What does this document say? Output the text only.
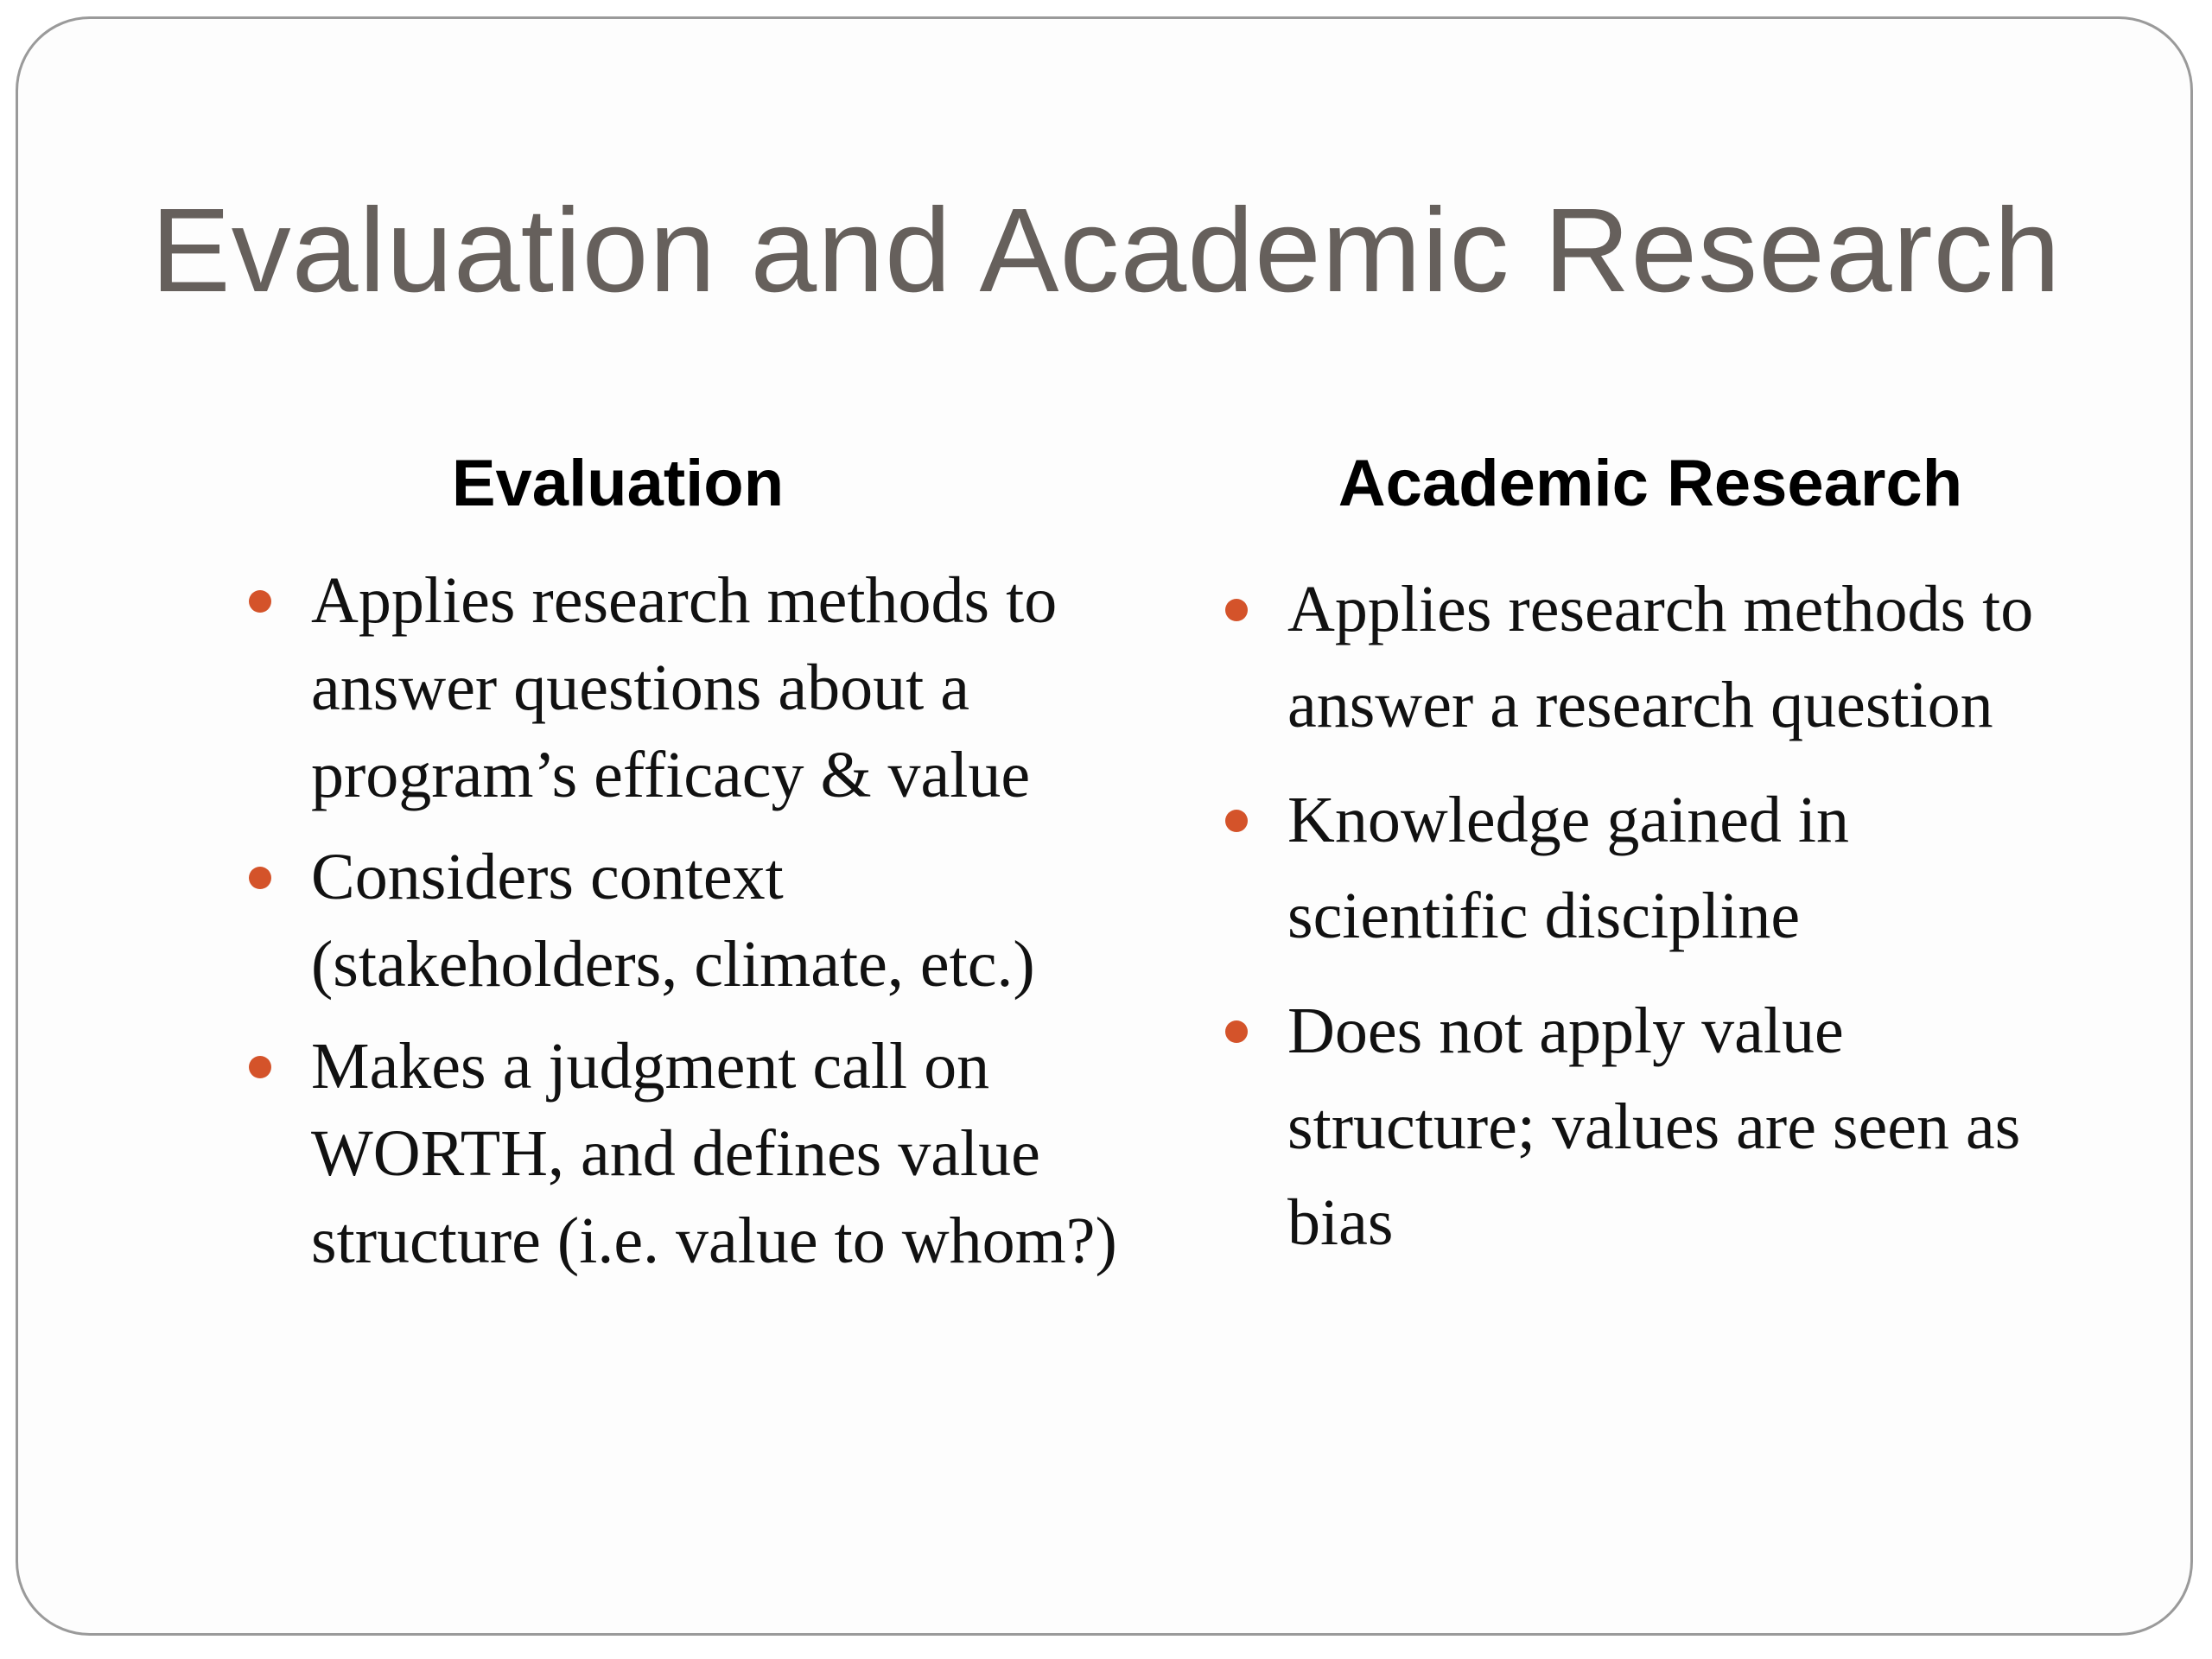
Evaluation and Academic Research
Evaluation	Academic Research
Applies research methods to answer questions about a program’s efficacy & value
Considers context (stakeholders, climate, etc.)
Makes a judgment call on WORTH, and defines value structure (i.e. value to whom?)
Applies research methods to answer a research question
Knowledge gained in scientific discipline
Does not apply value structure; values are seen as bias
